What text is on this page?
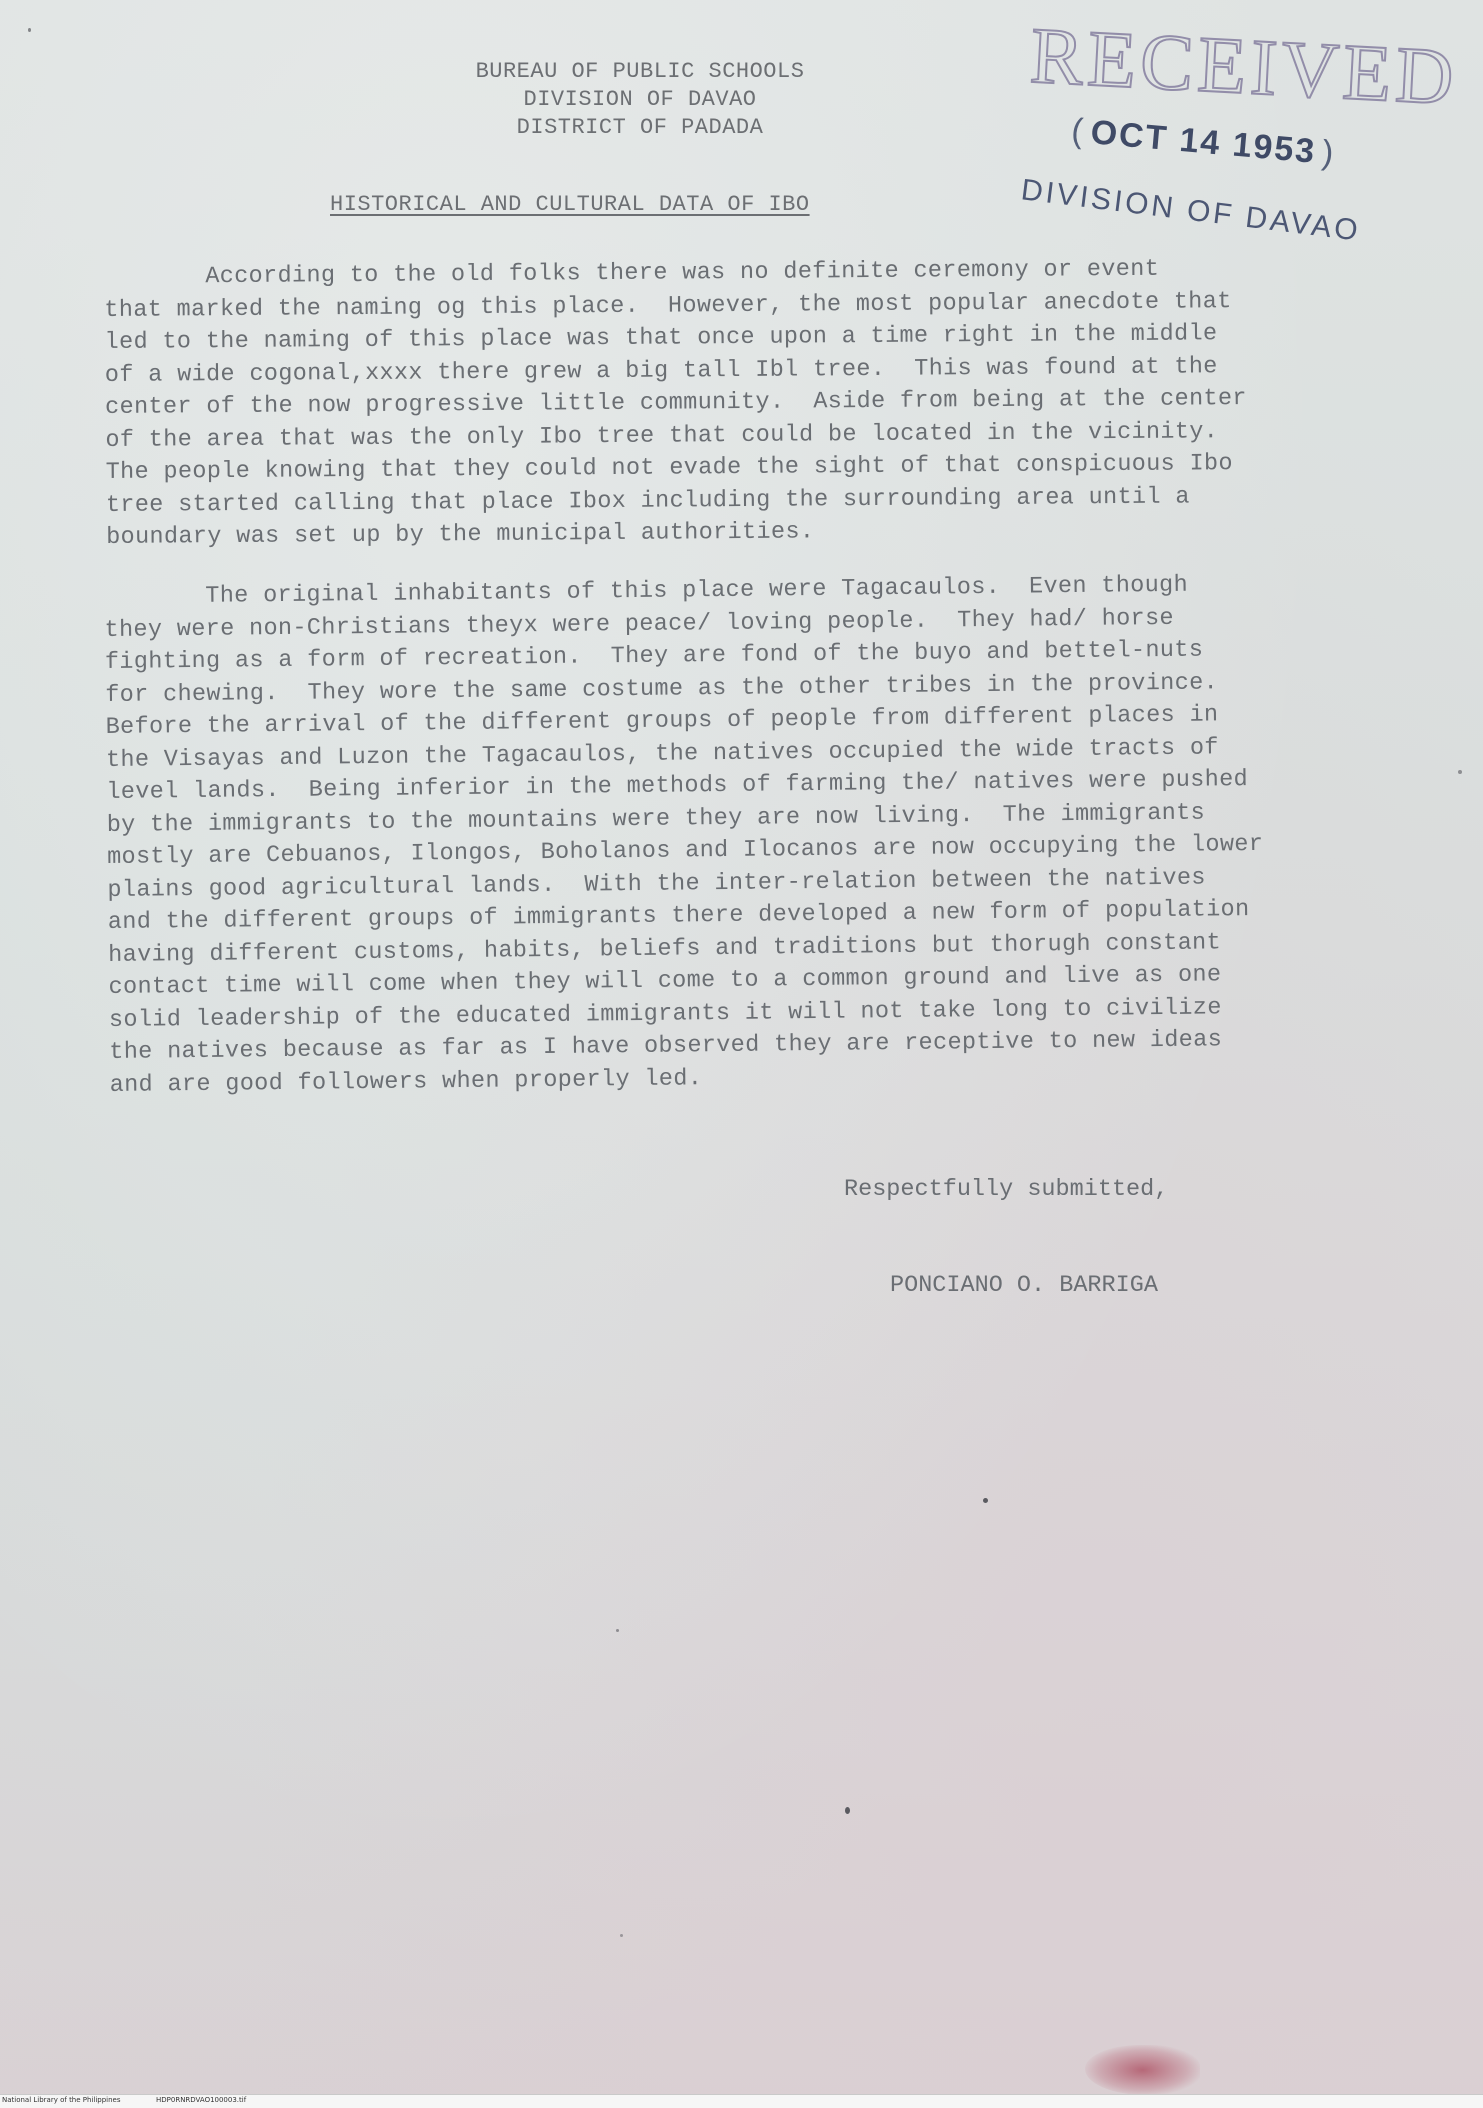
BUREAU OF PUBLIC SCHOOLS
DIVISION OF DAVAO
DISTRICT OF PADADA
HISTORICAL AND CULTURAL DATA OF IBO
RECEIVED
(OCT 14 1953)
DIVISION OF DAVAO
According to the old folks there was no definite ceremony or event
that marked the naming og this place.  However, the most popular anecdote that
led to the naming of this place was that once upon a time right in the middle
of a wide cogonal,xxxx there grew a big tall Ibl tree.  This was found at the
center of the now progressive little community.  Aside from being at the center
of the area that was the only Ibo tree that could be located in the vicinity.
The people knowing that they could not evade the sight of that conspicuous Ibo
tree started calling that place Ibox including the surrounding area until a
boundary was set up by the municipal authorities.
The original inhabitants of this place were Tagacaulos.  Even though
they were non-Christians theyx were peace/ loving people.  They had/ horse
fighting as a form of recreation.  They are fond of the buyo and bettel-nuts
for chewing.  They wore the same costume as the other tribes in the province.
Before the arrival of the different groups of people from different places in
the Visayas and Luzon the Tagacaulos, the natives occupied the wide tracts of
level lands.  Being inferior in the methods of farming the/ natives were pushed
by the immigrants to the mountains were they are now living.  The immigrants
mostly are Cebuanos, Ilongos, Boholanos and Ilocanos are now occupying the lower
plains good agricultural lands.  With the inter-relation between the natives
and the different groups of immigrants there developed a new form of population
having different customs, habits, beliefs and traditions but thorugh constant
contact time will come when they will come to a common ground and live as one
solid leadership of the educated immigrants it will not take long to civilize
the natives because as far as I have observed they are receptive to new ideas
and are good followers when properly led.
Respectfully submitted,
PONCIANO O. BARRIGA
National Library of the Philippines	HDP0RNRDVAO100003.tif
